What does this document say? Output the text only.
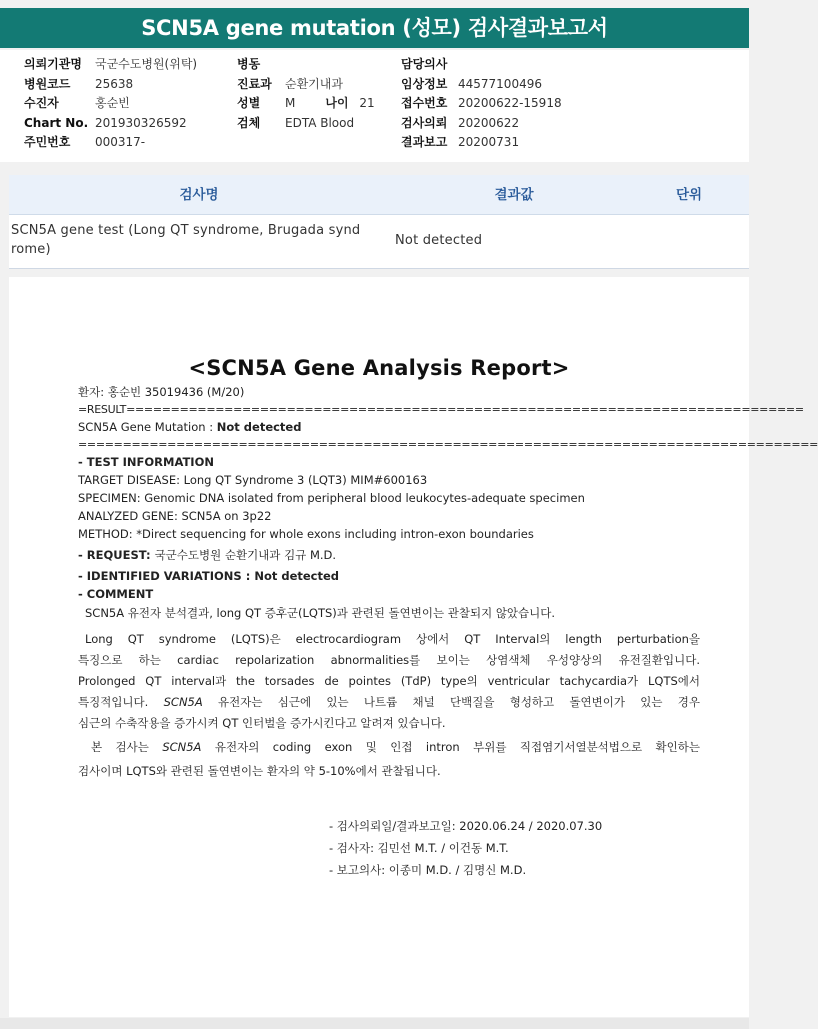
SCN5A gene mutation (성모) 검사결과보고서
의뢰기관명 국군수도병원(위탁)
병원코드 25638
수진자	홍순빈
Chart No. 201930326592
주민번호 000317-
병동
진료과 순환기내과
성별 M	나이 21
검체 EDTA Blood
담당의사
임상정보 44577100496
접수번호 20200622-15918
검사의뢰 20200622
결과보고 20200731
검사명	결과값	단위
SCN5A gene test (Long QT syndrome, Brugada synd rome)
Not detected
<SCN5A Gene Analysis Report>
환자: 홍순빈 35019436 (M/20)
=RESULT============================================================================
SCN5A Gene Mutation : Not detected
===================================================================================
- TEST INFORMATION
TARGET DISEASE: Long QT Syndrome 3 (LQT3) MIM#600163
SPECIMEN: Genomic DNA isolated from peripheral blood leukocytes-adequate specimen
ANALYZED GENE: SCN5A on 3p22
METHOD: *Direct sequencing for whole exons including intron-exon boundaries
- REQUEST: 국군수도병원 순환기내과 김규 M.D.
- IDENTIFIED VARIATIONS : Not detected
- COMMENT
SCN5A 유전자 분석결과, long QT 증후군(LQTS)과 관련된 돌연변이는 관찰되지 않았습니다.
Long QT syndrome (LQTS)은 electrocardiogram 상에서 QT Interval의 length perturbation을
특징으로 하는 cardiac repolarization abnormalities를 보이는 상염색체 우성양상의 유전질환입니다.
Prolonged QT interval과 the torsades de pointes (TdP) type의 ventricular tachycardia가 LQTS에서
특징적입니다. SCN5A 유전자는 심근에 있는 나트륨 채널 단백질을 형성하고 돌연변이가 있는 경우
심근의 수축작용을 증가시켜 QT 인터벌을 증가시킨다고 알려져 있습니다.
본 검사는 SCN5A 유전자의 coding exon 및 인접 intron 부위를 직접염기서열분석법으로 확인하는
검사이며 LQTS와 관련된 돌연변이는 환자의 약 5-10%에서 관찰됩니다.
- 검사의뢰일/결과보고일: 2020.06.24 / 2020.07.30
- 검사자: 김민선 M.T. / 이건동 M.T.
- 보고의사: 이종미 M.D. / 김명신 M.D.
